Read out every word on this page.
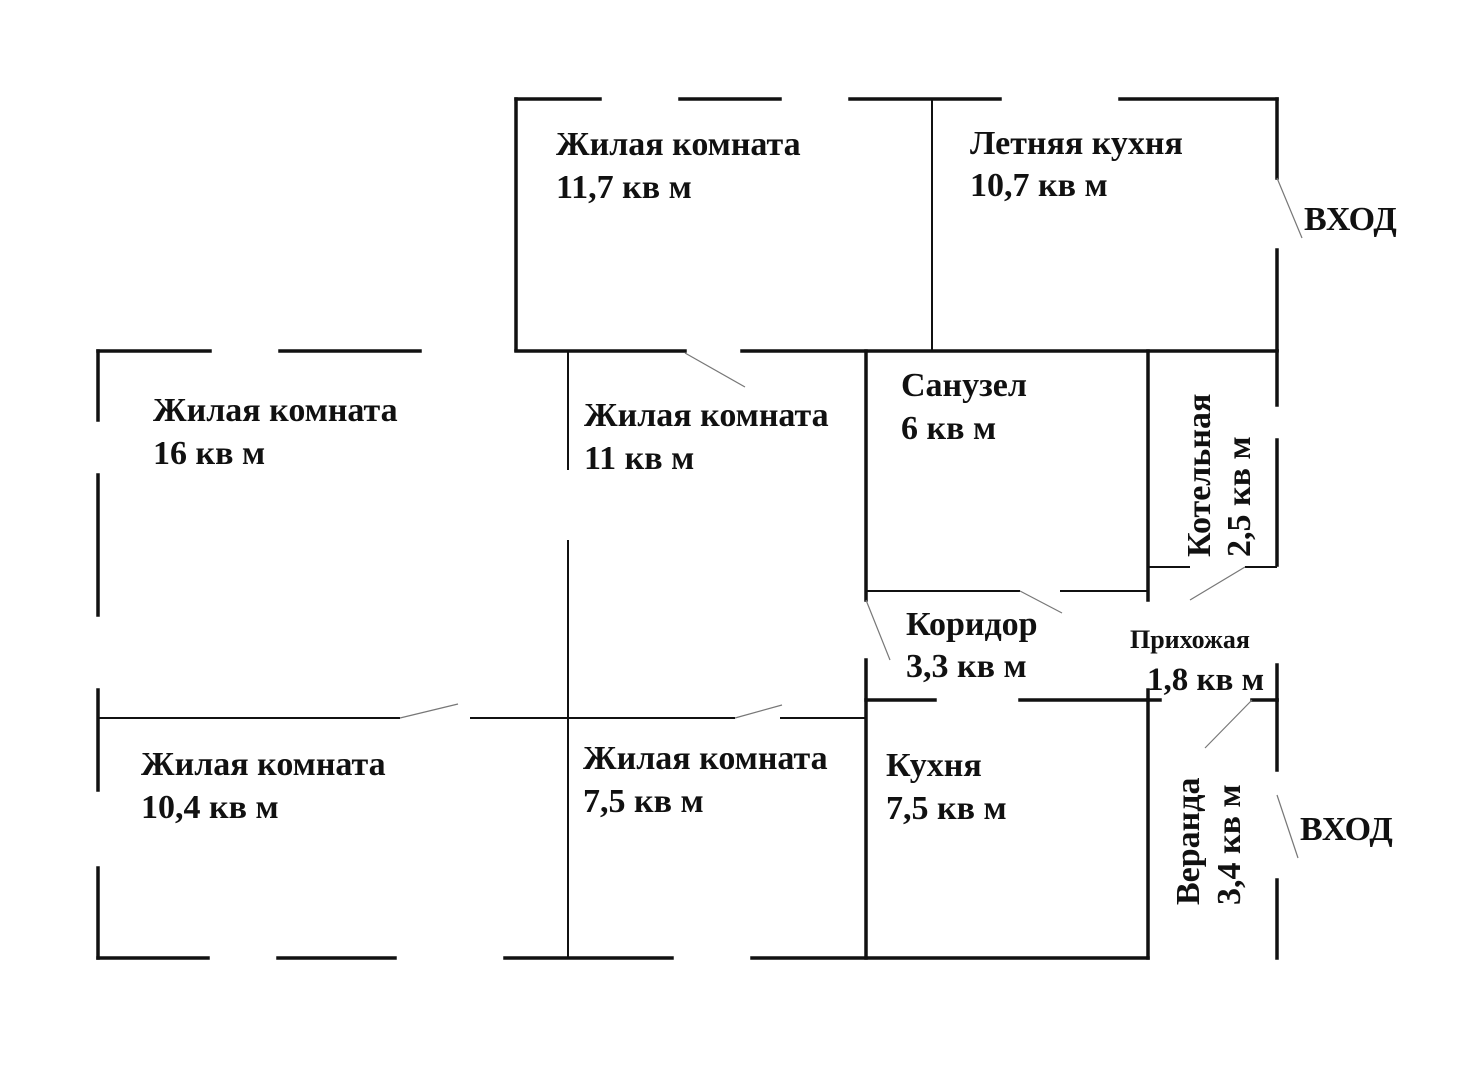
Жилая комната
11,7 кв м
Летняя кухня
10,7 кв м
Жилая комната
16 кв м
Жилая комната
11 кв м
Санузел
6 кв м	Котельная 2,5 кв м
Коридор
3,3 кв м
Прихожая
1,8 кв м
Жилая комната
10,4 кв м
Жилая комната
7,5 кв м
Кухня
7,5 кв м	Веранда 3,4 кв м
ВХОД
ВХОД
